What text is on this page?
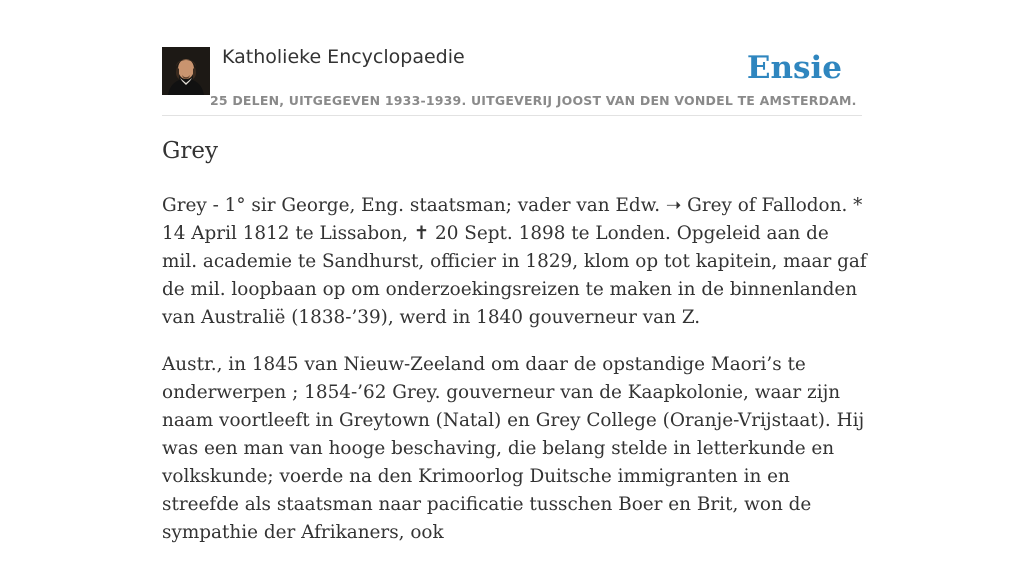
Katholieke Encyclopaedie
25 DELEN, UITGEGEVEN 1933-1939. UITGEVERIJ JOOST VAN DEN VONDEL TE AMSTERDAM.
Ensie
Grey

Grey - 1° sir George, Eng. staatsman; vader van Edw. ➝ Grey of Fallodon. * 14 April 1812 te Lissabon, ✝ 20 Sept. 1898 te Londen. Opgeleid aan de mil. academie te Sandhurst, officier in 1829, klom op tot kapitein, maar gaf de mil. loopbaan op om onderzoekingsreizen te maken in de binnenlanden van Australië (1838-’39), werd in 1840 gouverneur van Z.

Austr., in 1845 van Nieuw-Zeeland om daar de opstandige Maori’s te onderwerpen ; 1854-’62 Grey. gouverneur van de Kaapkolonie, waar zijn naam voortleeft in Greytown (Natal) en Grey College (Oranje-Vrijstaat). Hij was een man van hooge beschaving, die belang stelde in letterkunde en volkskunde; voerde na den Krimoorlog Duitsche immigranten in en streefde als staatsman naar pacificatie tusschen Boer en Brit, won de sympathie der Afrikaners, ook
